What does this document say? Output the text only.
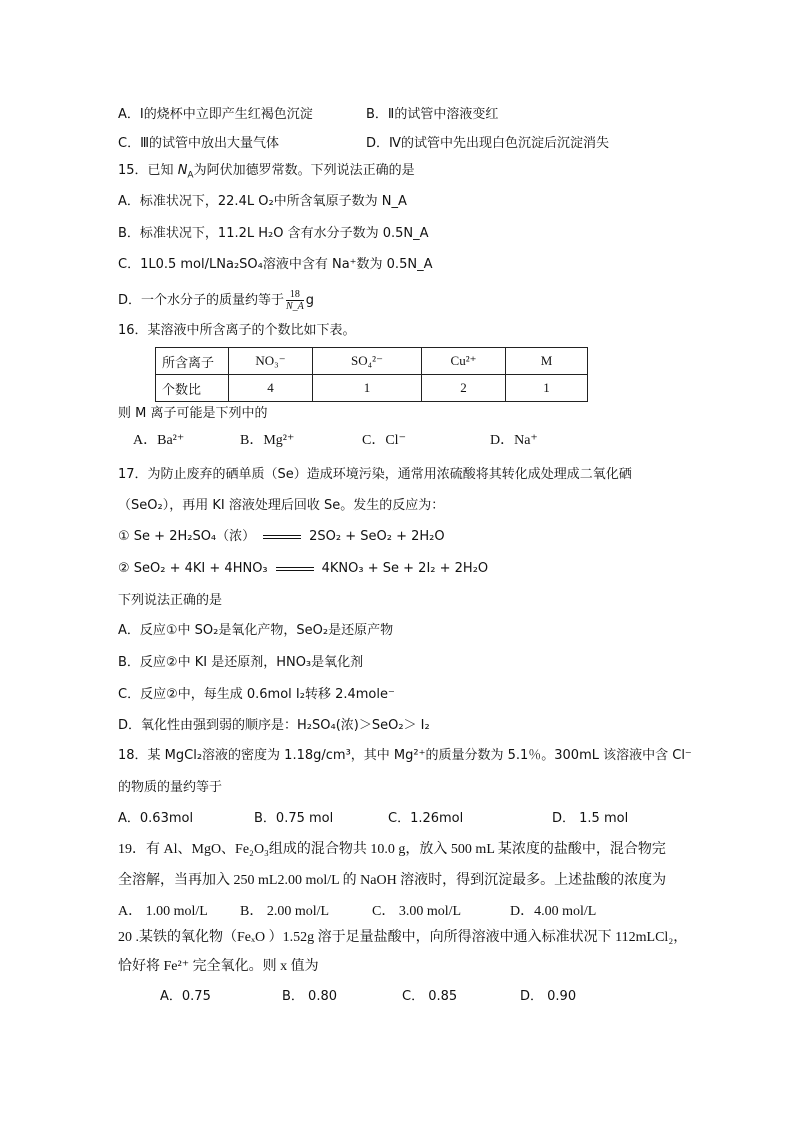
A．Ⅰ的烧杯中立即产生红褐色沉淀	B．Ⅱ的试管中溶液变红
C．Ⅲ的试管中放出大量气体	D．Ⅳ的试管中先出现白色沉淀后沉淀消失
15．已知 $N_A$为阿伏加德罗常数。下列说法正确的是
A．标准状况下，22.4L O₂中所含氧原子数为 N_A
B．标准状况下，11.2L H₂O 含有水分子数为 0.5N_A
C．1L0.5 mol/LNa₂SO₄溶液中含有 Na⁺数为 0.5N_A
D．一个水分子的质量约等于 $\frac{18}{N\_A}$ g
16．某溶液中所含离子的个数比如下表。
所含离子	NO₃⁻	SO₄²⁻	Cu²⁺	M
个数比	4	1	2	1
则 M 离子可能是下列中的
A．Ba²⁺	B．Mg²⁺	C．Cl⁻	D．Na⁺
17．为防止废弃的硒单质（Se）造成环境污染，通常用浓硫酸将其转化成处理成二氧化硒
（SeO₂），再用 KI 溶液处理后回收 Se。发生的反应为：
① Se + 2H₂SO₄（浓）	2SO₂ + SeO₂ + 2H₂O
② SeO₂ + 4KI + 4HNO₃	4KNO₃ + Se + 2I₂ + 2H₂O
下列说法正确的是
A．反应①中 SO₂是氧化产物，SeO₂是还原产物
B．反应②中 KI 是还原剂，HNO₃是氧化剂
C．反应②中，每生成 0.6mol I₂转移 2.4mole⁻
D．氧化性由强到弱的顺序是：H₂SO₄(浓)＞SeO₂＞ I₂
18．某 MgCl₂溶液的密度为 1.18g/cm³，其中 Mg²⁺的质量分数为 5.1％。300mL 该溶液中含 Cl⁻
的物质的量约等于
A．0.63mol	B．0.75 mol	C．1.26mol	D． 1.5 mol
19．有 Al、MgO、Fe₂O₃组成的混合物共 10.0 g，放入 500 mL 某浓度的盐酸中，混合物完
全溶解，当再加入 250 mL2.00 mol/L 的 NaOH 溶液时，得到沉淀最多。上述盐酸的浓度为
A． 1.00 mol/L B． 2.00 mol/L	C． 3.00 mol/L	D．4.00 mol/L
20 .某铁的氧化物（FeₓO ）1.52g 溶于足量盐酸中，向所得溶液中通入标准状况下 112mLCl₂，
恰好将 Fe²⁺ 完全氧化。则 x 值为
A．0.75	B． 0.80	C． 0.85	D． 0.90
